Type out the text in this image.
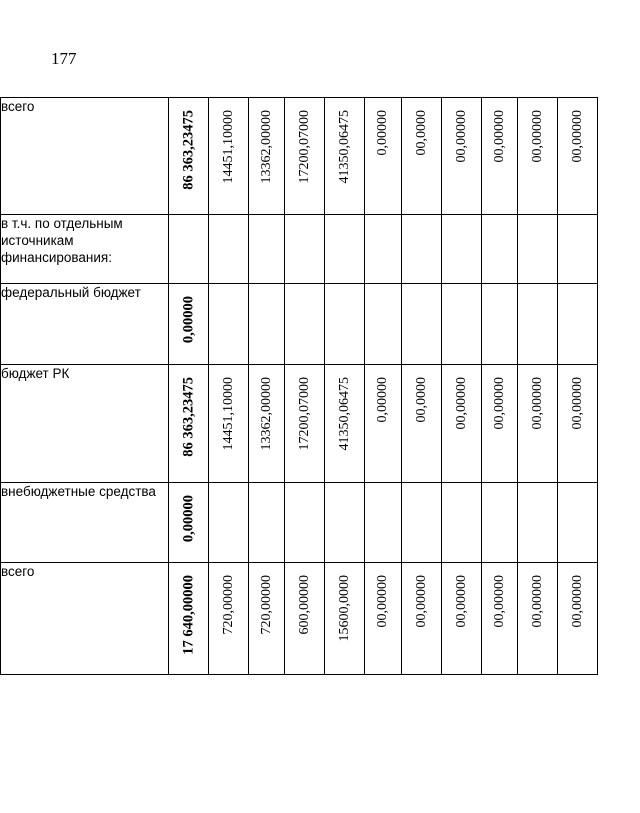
177
всего	86 363,23475	14451,10000	13362,00000	17200,07000	41350,06475	0,00000	00,0000	00,00000	00,00000	00,00000	00,00000

в т.ч. по отдельным источникам финансирования:	

федеральный бюджет	0,00000										

бюджет РК	86 363,23475	14451,10000	13362,00000	17200,07000	41350,06475	0,00000	00,0000	00,00000	00,00000	00,00000	00,00000

внебюджетные средства	0,00000										

всего	17 640,00000	720,00000	720,00000	600,00000	15600,0000	00,00000	00,00000	00,00000	00,00000	00,00000	00,00000
